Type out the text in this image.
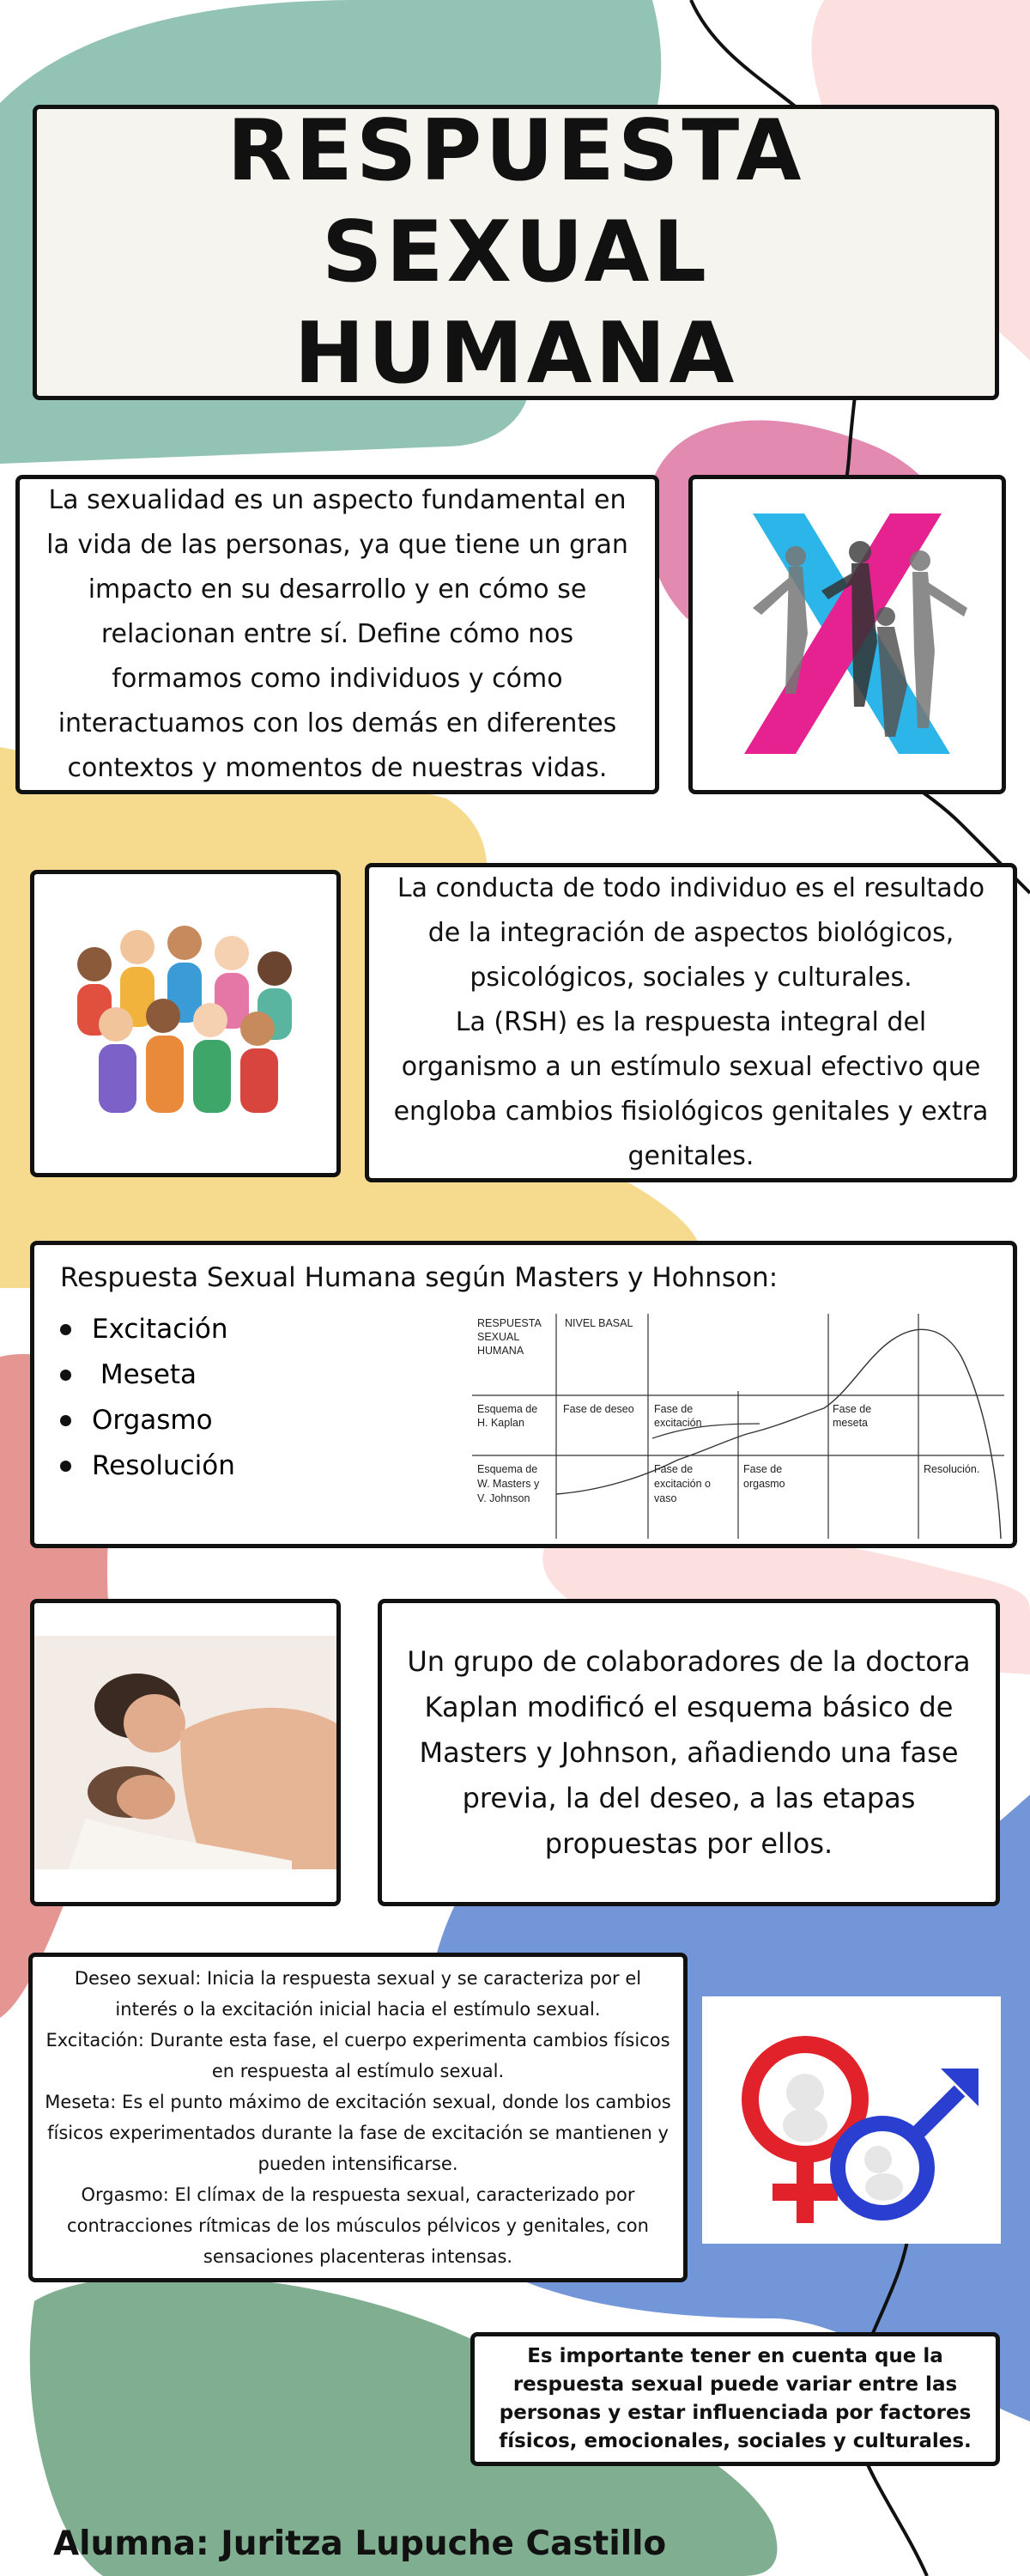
RESPUESTA SEXUAL
HUMANA

La sexualidad es un aspecto fundamental en la vida de las personas, ya que tiene un gran impacto en su desarrollo y en cómo se relacionan entre sí. Define cómo nos formamos como individuos y cómo interactuamos con los demás en diferentes contextos y momentos de nuestras vidas.

La conducta de todo individuo es el resultado de la integración de aspectos biológicos, psicológicos, sociales y culturales.

La (RSH) es la respuesta integral del organismo a un estímulo sexual efectivo que engloba cambios fisiológicos genitales y extra genitales.

Respuesta Sexual Humana según Masters y Hohnson:
Excitación
Meseta
Orgasmo
Resolución
RESPUESTA
SEXUAL
HUMANA
NIVEL BASAL
Esquema de
H. Kaplan
Fase de deseo Fase de
excitación
Fase de
meseta
Esquema de
W. Masters y
V. Johnson
Fase de
excitación o
vaso
Fase de
orgasmo
Resolución.

Un grupo de colaboradores de la doctora Kaplan modificó el esquema básico de Masters y Johnson, añadiendo una fase previa, la del deseo, a las etapas propuestas por ellos.

Deseo sexual: Inicia la respuesta sexual y se caracteriza por el interés o la excitación inicial hacia el estímulo sexual.

Excitación: Durante esta fase, el cuerpo experimenta cambios físicos en respuesta al estímulo sexual.

Meseta: Es el punto máximo de excitación sexual, donde los cambios físicos experimentados durante la fase de excitación se mantienen y pueden intensificarse.

Orgasmo: El clímax de la respuesta sexual, caracterizado por contracciones rítmicas de los músculos pélvicos y genitales, con sensaciones placenteras intensas.

Es importante tener en cuenta que la respuesta sexual puede variar entre las personas y estar influenciada por factores físicos, emocionales, sociales y culturales.

Alumna: Juritza Lupuche Castillo
